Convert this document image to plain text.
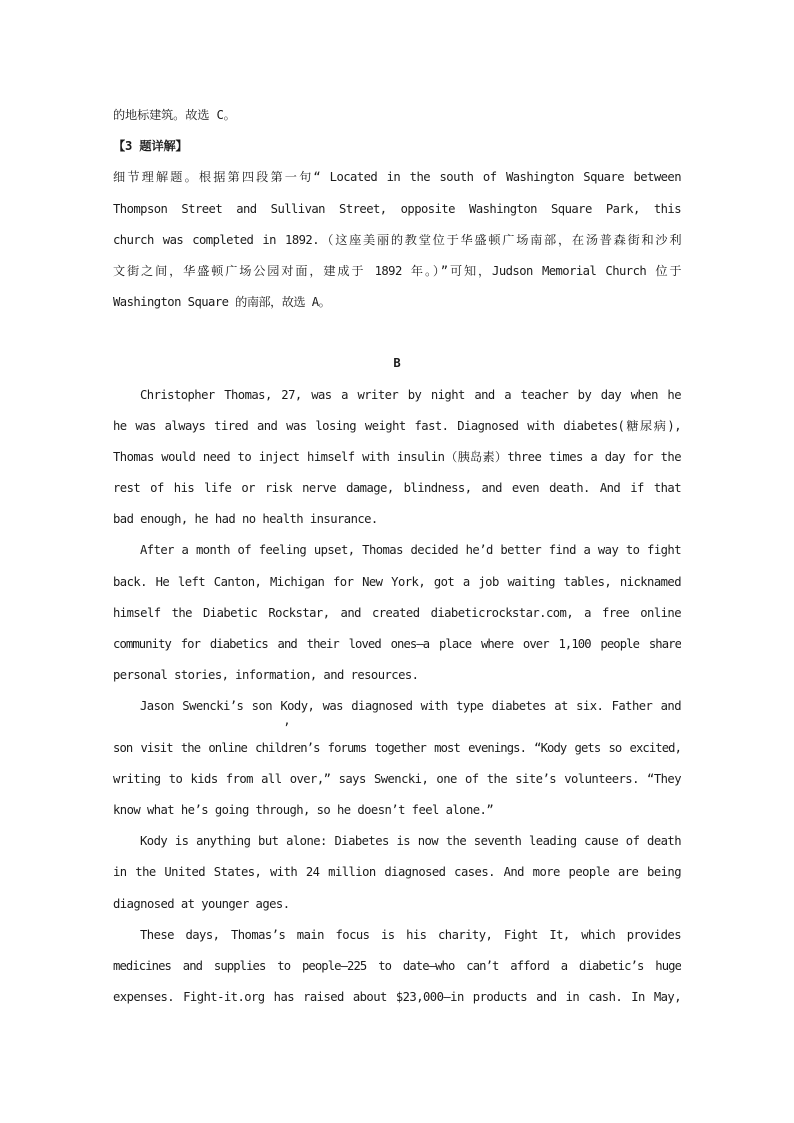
的地标建筑。故选 C。
【3 题详解】
细节理解题。根据第四段第一句“ Located in the south of Washington Square between
Thompson Street and Sullivan Street, opposite Washington Square Park, this
church was completed in 1892.（这座美丽的教堂位于华盛顿广场南部，在汤普森街和沙利
文街之间，华盛顿广场公园对面，建成于 1892 年。）”可知，Judson Memorial Church 位于
Washington Square 的南部，故选 A。
B
Christopher Thomas, 27, was a writer by night and a teacher by day when he
he was always tired and was losing weight fast. Diagnosed with diabetes(糖尿病),
Thomas would need to inject himself with insulin（胰岛素）three times a day for the
rest of his life or risk nerve damage, blindness, and even death. And if that
bad enough, he had no health insurance.
After a month of feeling upset, Thomas decided he’d better find a way to fight
back. He left Canton, Michigan for New York, got a job waiting tables, nicknamed
himself the Diabetic Rockstar, and created diabeticrockstar.com, a free online
community for diabetics and their loved ones—a place where over 1,100 people share
personal stories, information, and resources.
Jason Swencki’s son Kody, was diagnosed with type diabetes at six. Father and
’
son visit the online children’s forums together most evenings. “Kody gets so excited,
writing to kids from all over,” says Swencki, one of the site’s volunteers. “They
know what he’s going through, so he doesn’t feel alone.”
Kody is anything but alone: Diabetes is now the seventh leading cause of death
in the United States, with 24 million diagnosed cases. And more people are being
diagnosed at younger ages.
These days, Thomas’s main focus is his charity, Fight It, which provides
medicines and supplies to people—225 to date—who can’t afford a diabetic’s huge
expenses. Fight-it.org has raised about $23,000—in products and in cash. In May,
